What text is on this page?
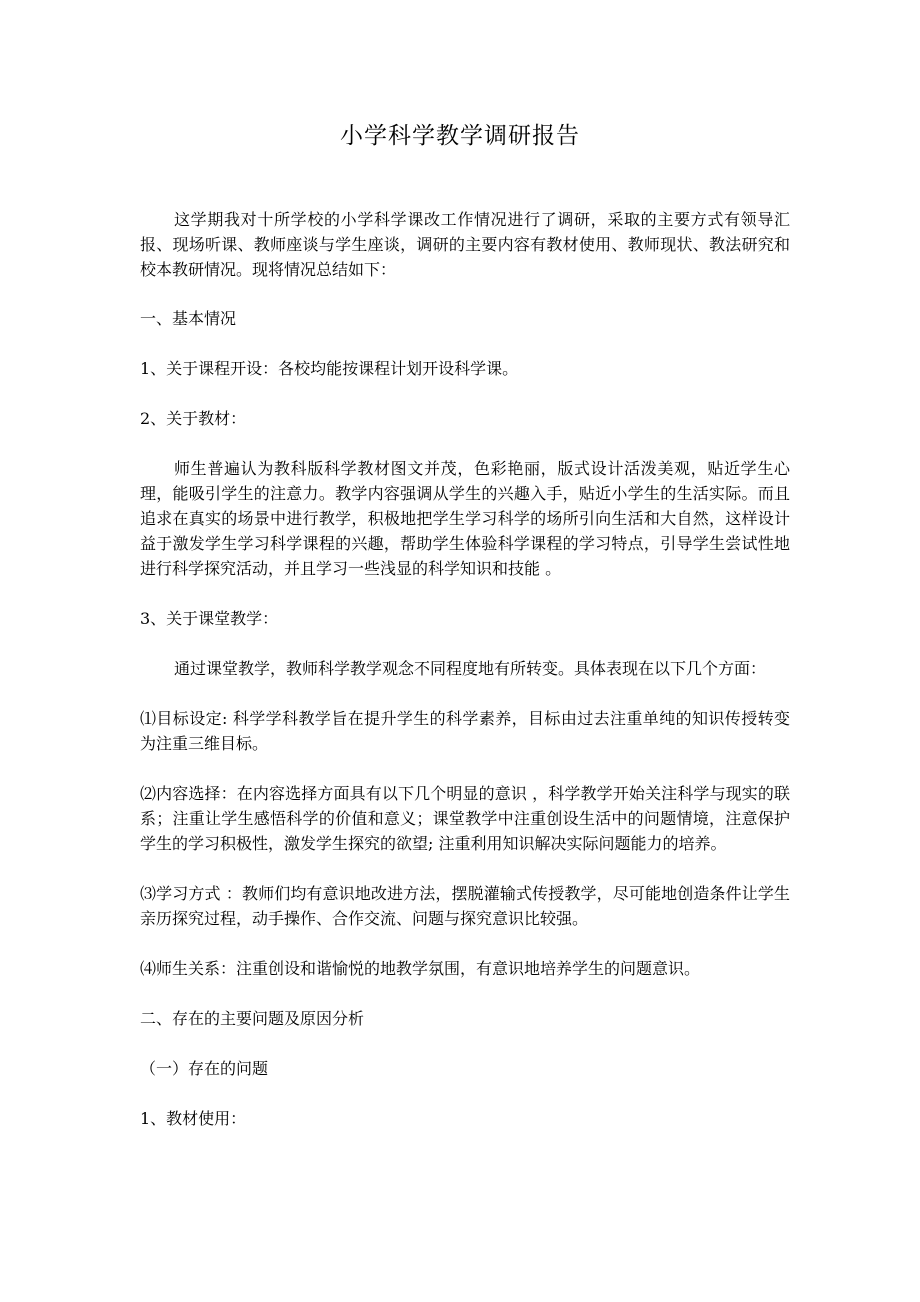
小学科学教学调研报告

这学期我对十所学校的小学科学课改工作情况进行了调研，采取的主要方式有领导汇报、现场听课、教师座谈与学生座谈，调研的主要内容有教材使用、教师现状、教法研究和校本教研情况。现将情况总结如下：

一、基本情况

1、关于课程开设：各校均能按课程计划开设科学课。

2、关于教材：

师生普遍认为教科版科学教材图文并茂，色彩艳丽，版式设计活泼美观，贴近学生心理，能吸引学生的注意力。教学内容强调从学生的兴趣入手，贴近小学生的生活实际。而且追求在真实的场景中进行教学，积极地把学生学习科学的场所引向生活和大自然，这样设计益于激发学生学习科学课程的兴趣，帮助学生体验科学课程的学习特点，引导学生尝试性地进行科学探究活动，并且学习一些浅显的科学知识和技能 。

3、关于课堂教学：

通过课堂教学，教师科学教学观念不同程度地有所转变。具体表现在以下几个方面：

⑴目标设定: 科学学科教学旨在提升学生的科学素养，目标由过去注重单纯的知识传授转变为注重三维目标。

⑵内容选择：在内容选择方面具有以下几个明显的意识 ，科学教学开始关注科学与现实的联系；注重让学生感悟科学的价值和意义；课堂教学中注重创设生活中的问题情境，注意保护学生的学习积极性，激发学生探究的欲望; 注重利用知识解决实际问题能力的培养。

⑶学习方式 ：教师们均有意识地改进方法，摆脱灌输式传授教学，尽可能地创造条件让学生亲历探究过程，动手操作、合作交流、问题与探究意识比较强。

⑷师生关系：注重创设和谐愉悦的地教学氛围，有意识地培养学生的问题意识。

二、存在的主要问题及原因分析

（一）存在的问题

1、教材使用：
